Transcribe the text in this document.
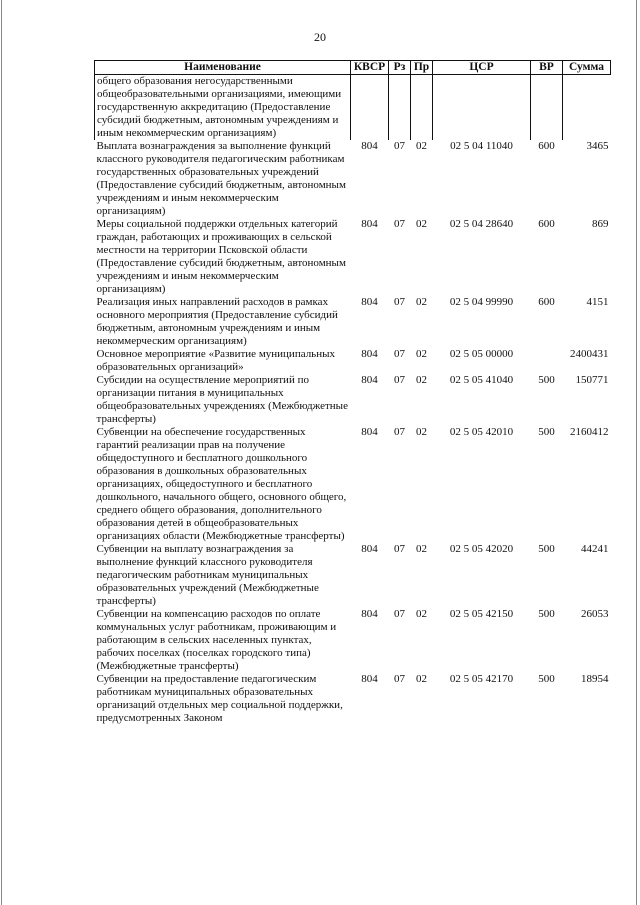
20
Наименование	КВСР	Рз	Пр	ЦСР	ВР	Сумма
общего образования негосударственными общеобразовательными организациями, имеющими государственную аккредитацию (Предоставление субсидий бюджетным, автономным учреждениям и иным некоммерческим организациям)						
Выплата вознаграждения за выполнение функций классного руководителя педагогическим работникам государственных образовательных учреждений (Предоставление субсидий бюджетным, автономным учреждениям и иным некоммерческим организациям)	804	07	02	02 5 04 11040	600	3465
Меры социальной поддержки отдельных категорий граждан, работающих и проживающих в сельской местности на территории Псковской области (Предоставление субсидий бюджетным, автономным учреждениям и иным некоммерческим организациям)	804	07	02	02 5 04 28640	600	869
Реализация иных направлений расходов в рамках основного мероприятия (Предоставление субсидий бюджетным, автономным учреждениям и иным некоммерческим организациям)	804	07	02	02 5 04 99990	600	4151
Основное мероприятие «Развитие муниципальных образовательных организаций»	804	07	02	02 5 05 00000		2400431
Субсидии на осуществление мероприятий по организации питания в муниципальных общеобразовательных учреждениях (Межбюджетные трансферты)	804	07	02	02 5 05 41040	500	150771
Субвенции на обеспечение государственных гарантий реализации прав на получение общедоступного и бесплатного дошкольного образования в дошкольных образовательных организациях, общедоступного и бесплатного дошкольного, начального общего, основного общего, среднего общего образования, дополнительного образования детей в общеобразовательных организациях области (Межбюджетные трансферты)	804	07	02	02 5 05 42010	500	2160412
Субвенции на выплату вознаграждения за выполнение функций классного руководителя педагогическим работникам муниципальных образовательных учреждений (Межбюджетные трансферты)	804	07	02	02 5 05 42020	500	44241
Субвенции на компенсацию расходов по оплате коммунальных услуг работникам, проживающим и работающим в сельских населенных пунктах, рабочих поселках (поселках городского типа) (Межбюджетные трансферты)	804	07	02	02 5 05 42150	500	26053
Субвенции на предоставление педагогическим работникам муниципальных образовательных организаций отдельных мер социальной поддержки, предусмотренных Законом	804	07	02	02 5 05 42170	500	18954
